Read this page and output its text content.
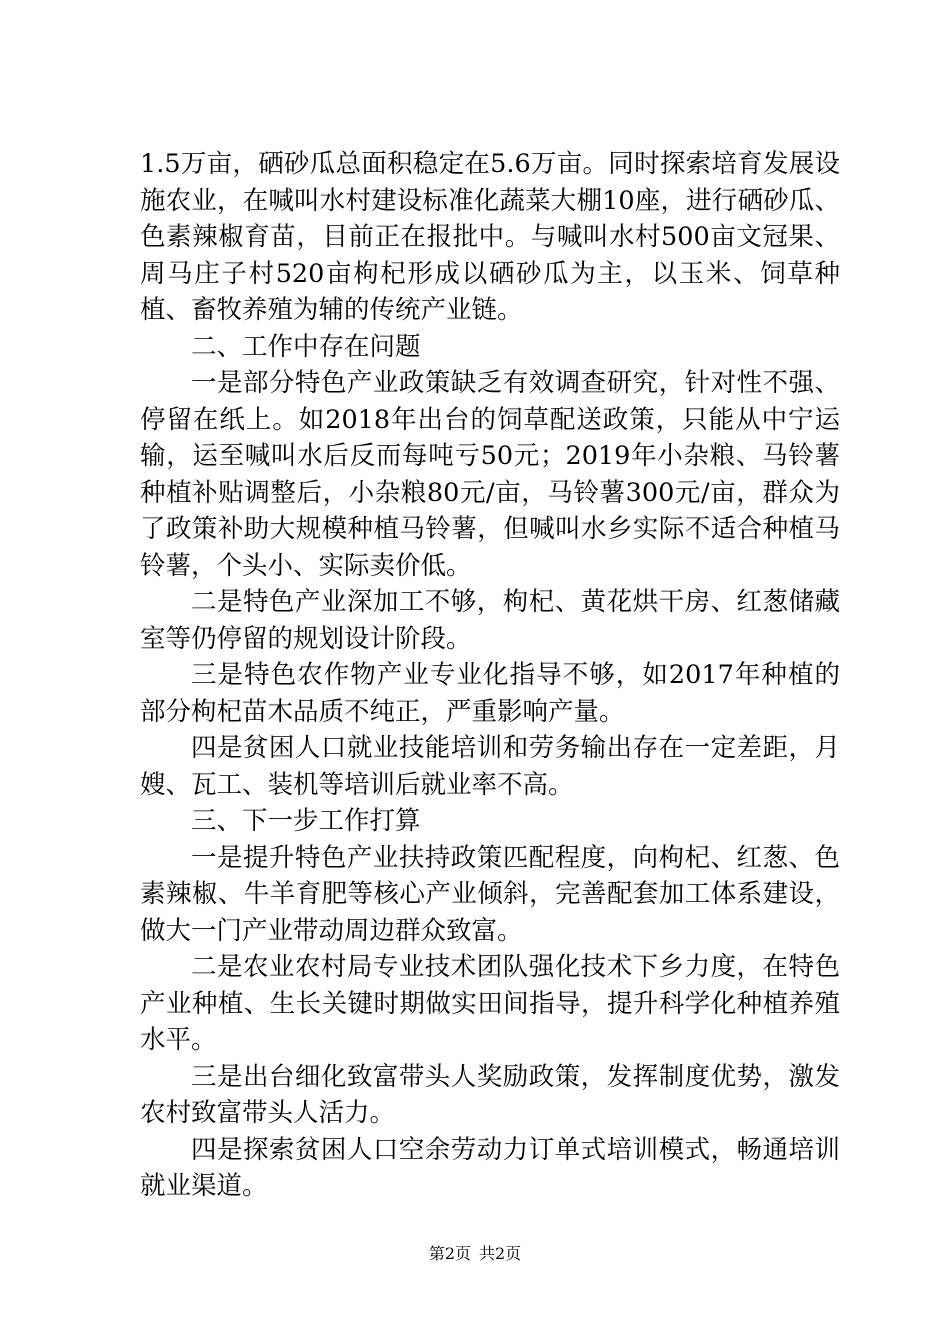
1.5万亩，硒砂瓜总面积稳定在5.6万亩。同时探索培育发展设施农业，在喊叫水村建设标准化蔬菜大棚10座，进行硒砂瓜、色素辣椒育苗，目前正在报批中。与喊叫水村500亩文冠果、周马庄子村520亩枸杞形成以硒砂瓜为主，以玉米、饲草种植、畜牧养殖为辅的传统产业链。

二、工作中存在问题

一是部分特色产业政策缺乏有效调查研究，针对性不强、停留在纸上。如2018年出台的饲草配送政策，只能从中宁运输，运至喊叫水后反而每吨亏50元；2019年小杂粮、马铃薯种植补贴调整后，小杂粮80元/亩，马铃薯300元/亩，群众为了政策补助大规模种植马铃薯，但喊叫水乡实际不适合种植马铃薯，个头小、实际卖价低。

二是特色产业深加工不够，枸杞、黄花烘干房、红葱储藏室等仍停留的规划设计阶段。

三是特色农作物产业专业化指导不够，如2017年种植的部分枸杞苗木品质不纯正，严重影响产量。

四是贫困人口就业技能培训和劳务输出存在一定差距，月嫂、瓦工、装机等培训后就业率不高。

三、下一步工作打算

一是提升特色产业扶持政策匹配程度，向枸杞、红葱、色素辣椒、牛羊育肥等核心产业倾斜，完善配套加工体系建设，做大一门产业带动周边群众致富。

二是农业农村局专业技术团队强化技术下乡力度，在特色产业种植、生长关键时期做实田间指导，提升科学化种植养殖水平。

三是出台细化致富带头人奖励政策，发挥制度优势，激发农村致富带头人活力。

四是探索贫困人口空余劳动力订单式培训模式，畅通培训就业渠道。

第2页 共2页
